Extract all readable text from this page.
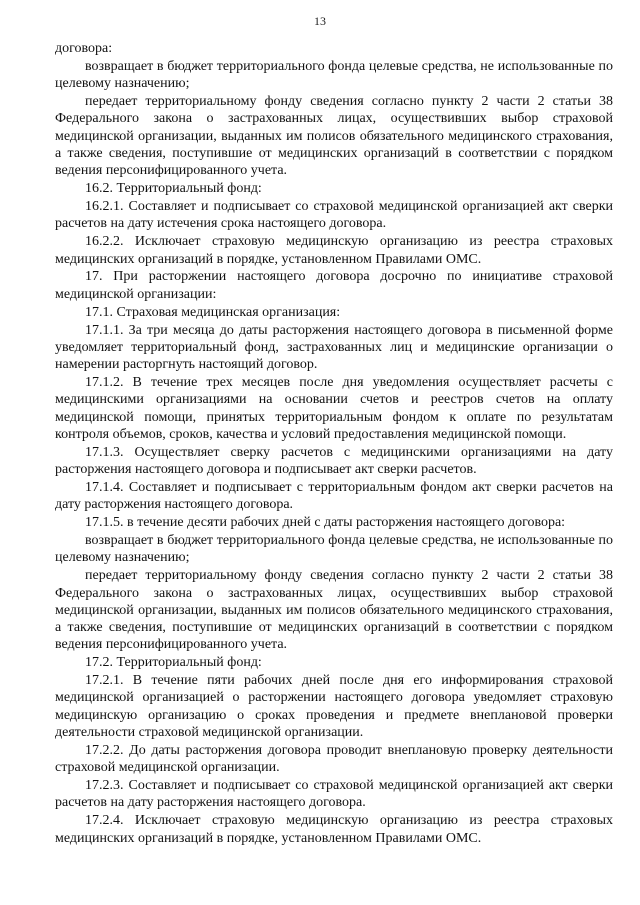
13

договора:

возвращает в бюджет территориального фонда целевые средства, не использованные по целевому назначению;

передает территориальному фонду сведения согласно пункту 2 части 2 статьи 38 Федерального закона о застрахованных лицах, осуществивших выбор страховой медицинской организации, выданных им полисов обязательного медицинского страхования, а также сведения, поступившие от медицинских организаций в соответствии с порядком ведения персонифицированного учета.

16.2. Территориальный фонд:

16.2.1. Составляет и подписывает со страховой медицинской организацией акт сверки расчетов на дату истечения срока настоящего договора.

16.2.2. Исключает страховую медицинскую организацию из реестра страховых медицинских организаций в порядке, установленном Правилами ОМС.

17. При расторжении настоящего договора досрочно по инициативе страховой медицинской организации:

17.1. Страховая медицинская организация:

17.1.1. За три месяца до даты расторжения настоящего договора в письменной форме уведомляет территориальный фонд, застрахованных лиц и медицинские организации о намерении расторгнуть настоящий договор.

17.1.2. В течение трех месяцев после дня уведомления осуществляет расчеты с медицинскими организациями на основании счетов и реестров счетов на оплату медицинской помощи, принятых территориальным фондом к оплате по результатам контроля объемов, сроков, качества и условий предоставления медицинской помощи.

17.1.3. Осуществляет сверку расчетов с медицинскими организациями на дату расторжения настоящего договора и подписывает акт сверки расчетов.

17.1.4. Составляет и подписывает с территориальным фондом акт сверки расчетов на дату расторжения настоящего договора.

17.1.5. в течение десяти рабочих дней с даты расторжения настоящего договора:

возвращает в бюджет территориального фонда целевые средства, не использованные по целевому назначению;

передает территориальному фонду сведения согласно пункту 2 части 2 статьи 38 Федерального закона о застрахованных лицах, осуществивших выбор страховой медицинской организации, выданных им полисов обязательного медицинского страхования, а также сведения, поступившие от медицинских организаций в соответствии с порядком ведения персонифицированного учета.

17.2. Территориальный фонд:

17.2.1. В течение пяти рабочих дней после дня его информирования страховой медицинской организацией о расторжении настоящего договора уведомляет страховую медицинскую организацию о сроках проведения и предмете внеплановой проверки деятельности страховой медицинской организации.

17.2.2. До даты расторжения договора проводит внеплановую проверку деятельности страховой медицинской организации.

17.2.3. Составляет и подписывает со страховой медицинской организацией акт сверки расчетов на дату расторжения настоящего договора.

17.2.4. Исключает страховую медицинскую организацию из реестра страховых медицинских организаций в порядке, установленном Правилами ОМС.
